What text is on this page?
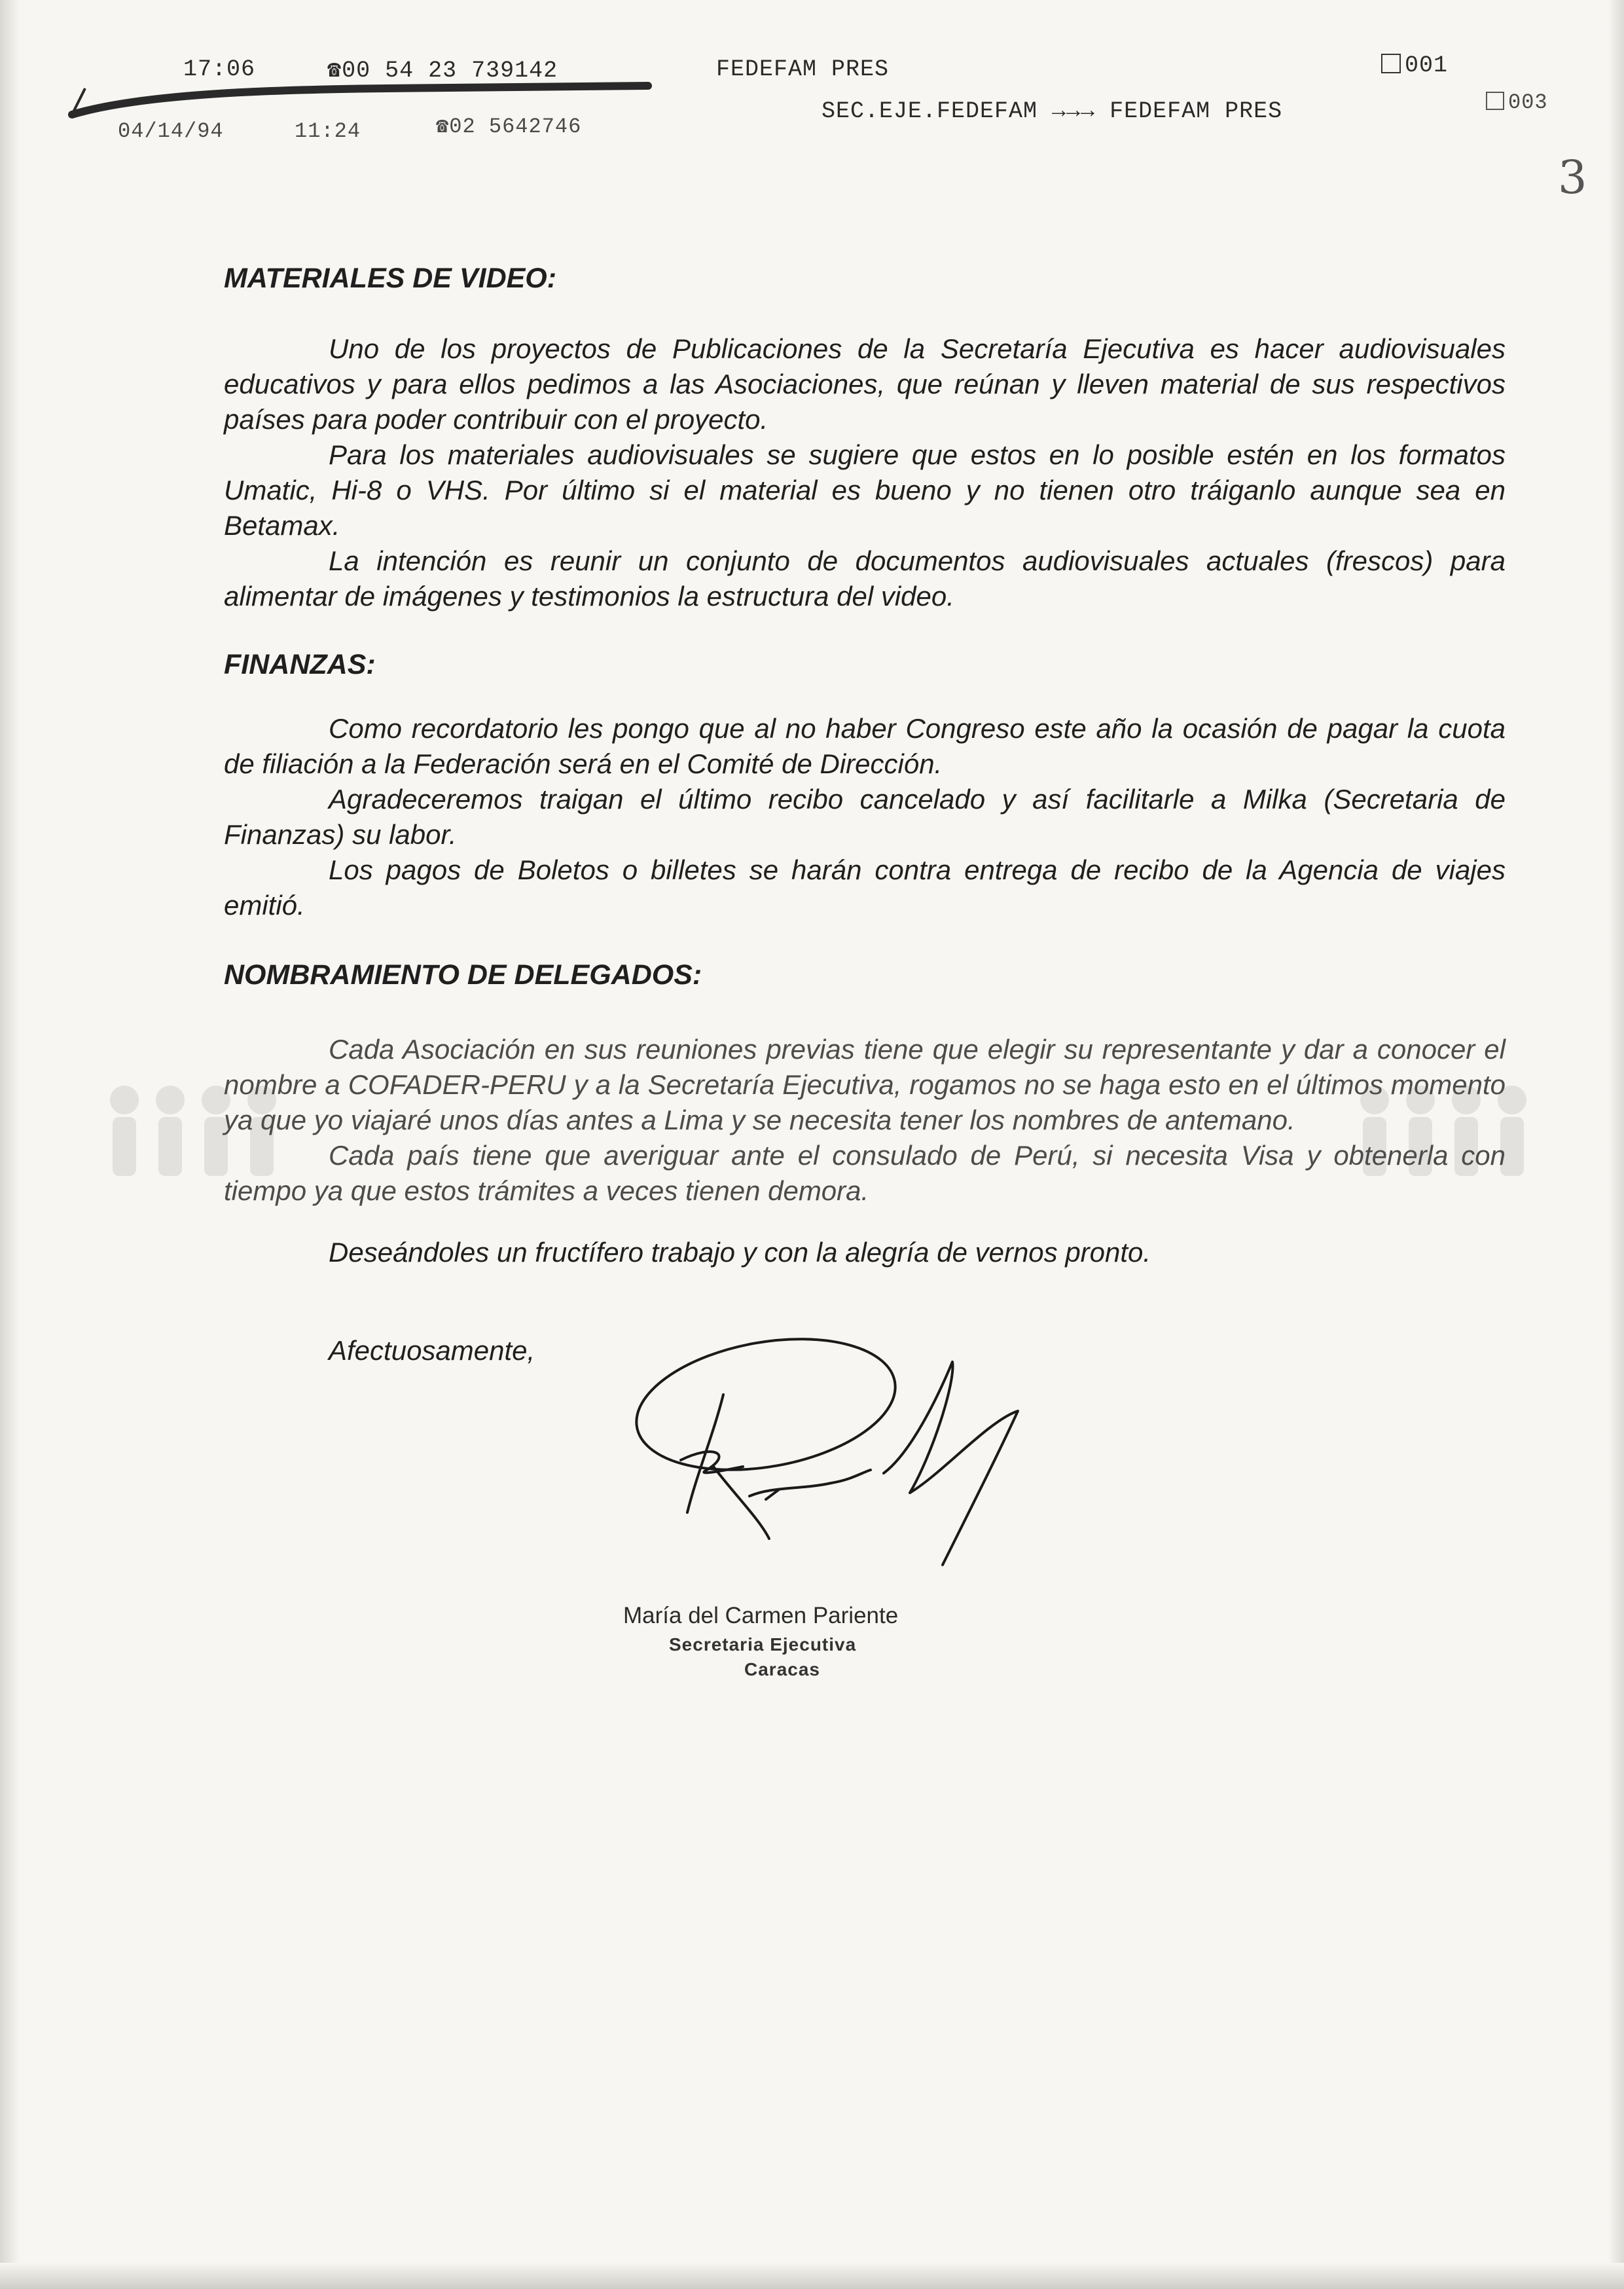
17:06	☎00 54 23 739142	FEDEFAM PRES	001
04/14/94	11:24	☎02 5642746
SEC.EJE.FEDEFAM →→→ FEDEFAM PRES	003
3

MATERIALES DE VIDEO:

Uno de los proyectos de Publicaciones de la Secretaría Ejecutiva es hacer audiovisuales educativos y para ellos pedimos a las Asociaciones, que reúnan y lleven material de sus respectivos países para poder contribuir con el proyecto.

Para los materiales audiovisuales se sugiere que estos en lo posible estén en los formatos Umatic, Hi-8 o VHS. Por último si el material es bueno y no tienen otro tráiganlo aunque sea en Betamax.

La intención es reunir un conjunto de documentos audiovisuales actuales (frescos) para alimentar de imágenes y testimonios la estructura del video.

FINANZAS:

Como recordatorio les pongo que al no haber Congreso este año la ocasión de pagar la cuota de filiación a la Federación será en el Comité de Dirección.

Agradeceremos traigan el último recibo cancelado y así facilitarle a Milka (Secretaria de Finanzas) su labor.

Los pagos de Boletos o billetes se harán contra entrega de recibo de la Agencia de viajes emitió.

NOMBRAMIENTO DE DELEGADOS:

Cada Asociación en sus reuniones previas tiene que elegir su representante y dar a conocer el nombre a COFADER-PERU y a la Secretaría Ejecutiva, rogamos no se haga esto en el últimos momento ya que yo viajaré unos días antes a Lima y se necesita tener los nombres de antemano.

Cada país tiene que averiguar ante el consulado de Perú, si necesita Visa y obtenerla con tiempo ya que estos trámites a veces tienen demora.

Deseándoles un fructífero trabajo y con la alegría de vernos pronto.

Afectuosamente,

María del Carmen Pariente

Secretaria Ejecutiva

Caracas
